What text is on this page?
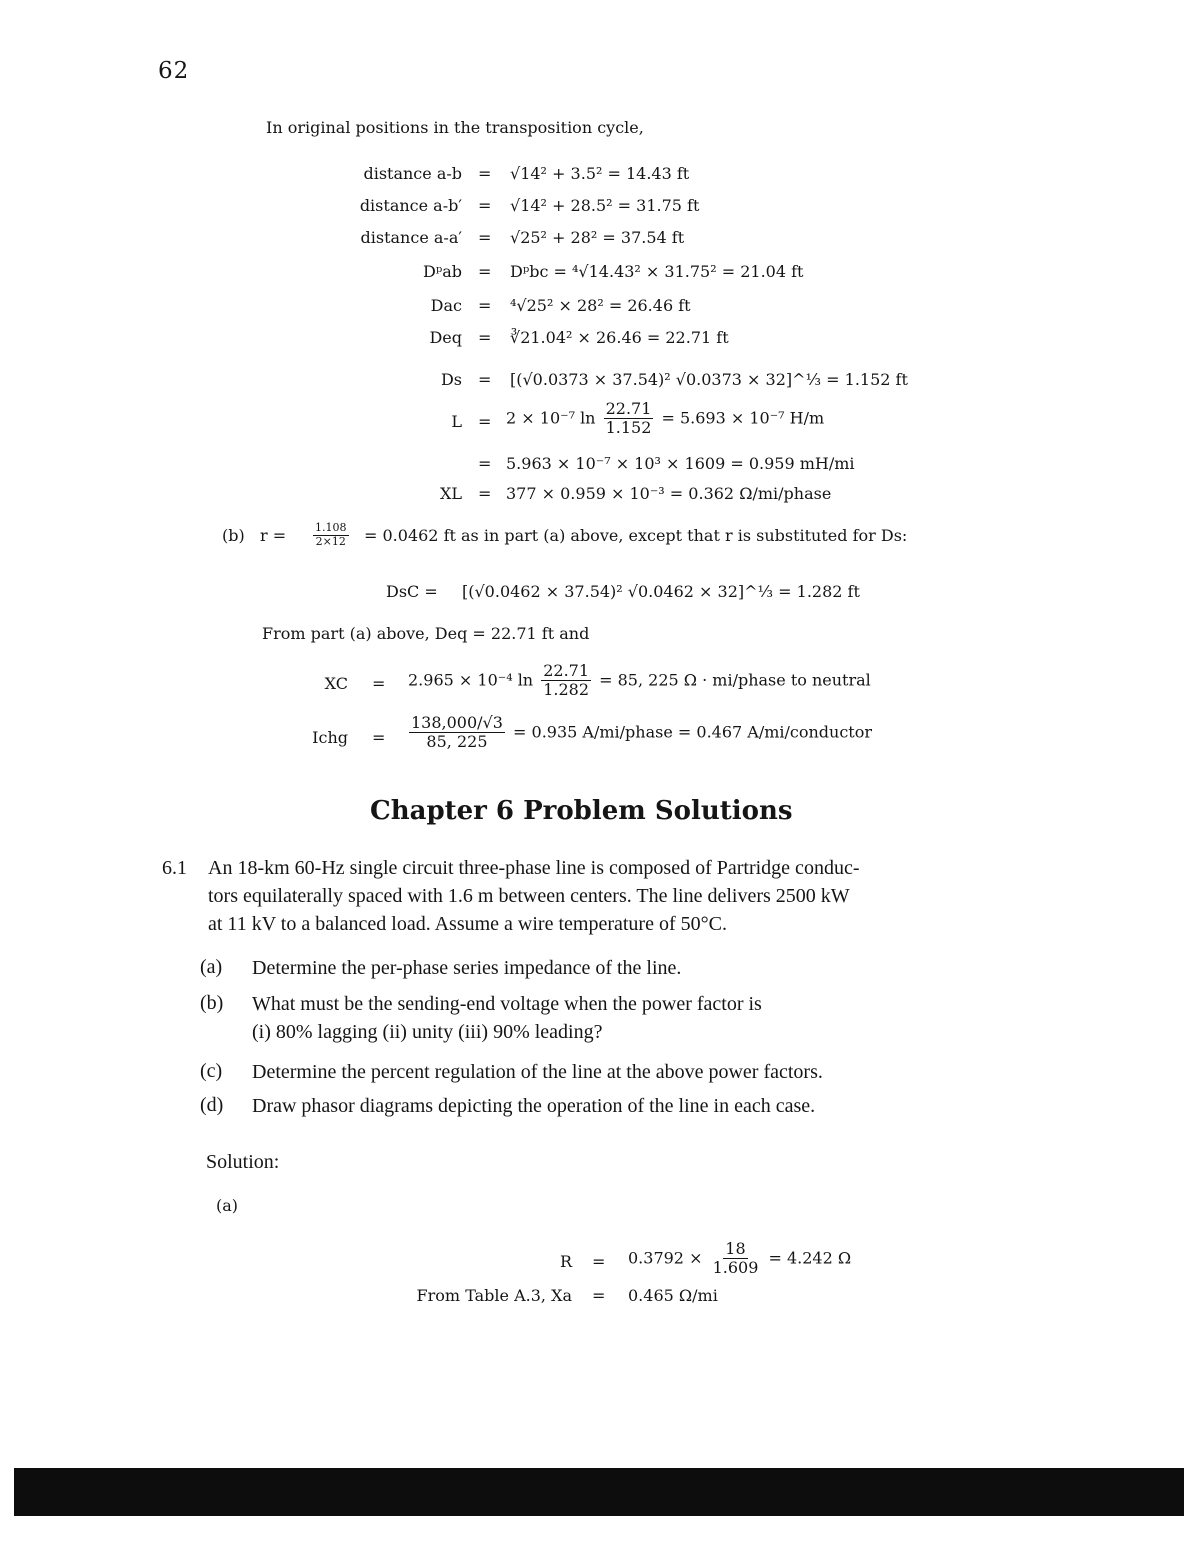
62
In original positions in the transposition cycle,
distance a-b = √14² + 3.5² = 14.43 ft
distance a-b′ = √14² + 28.5² = 31.75 ft
distance a-a′ = √25² + 28² = 37.54 ft
Dᵖab = Dᵖbc = ⁴√14.43² × 31.75² = 21.04 ft
Dac = ⁴√25² × 28² = 26.46 ft
Deq = ∛21.04² × 26.46 = 22.71 ft
Ds = [(√0.0373 × 37.54)² √0.0373 × 32]^⅓ = 1.152 ft
L = 2 × 10⁻⁷ $\ln \frac{22.71}{1.152} = 5.693 \times 10^{-7}$ H/m
= 5.963 × 10⁻⁷ × 10³ × 1609 = 0.959 mH/mi
XL = 377 × 0.959 × 10⁻³ = 0.362 Ω/mi/phase
(b) $r = \frac{1.108}{2\times 12} = 0.0462$ ft as in part (a) above, except that r is substituted for Ds:
DsC = [(√0.0462 × 37.54)² √0.0462 × 32]^⅓ = 1.282 ft
From part (a) above, Deq = 22.71 ft and
XC = 2.965 × 10⁻⁴ $\ln \frac{22.71}{1.282} = 85$, 225 Ω · mi/phase to neutral
Ichg = $\frac{138,000/√3}{85, 225} = 0.935$ A/mi/phase = 0.467 A/mi/conductor
Chapter 6 Problem Solutions
6.1 An 18-km 60-Hz single circuit three-phase line is composed of Partridge conduc-
tors equilaterally spaced with 1.6 m between centers. The line delivers 2500 kW
at 11 kV to a balanced load. Assume a wire temperature of 50°C.
(a) Determine the per-phase series impedance of the line.
(b) What must be the sending-end voltage when the power factor is
(i) 80% lagging (ii) unity (iii) 90% leading?
(c) Determine the percent regulation of the line at the above power factors.
(d) Draw phasor diagrams depicting the operation of the line in each case.
Solution:
(a)
$R = 0.3792 \times \frac{18}{1.609} = 4.242$ Ω
From Table A.3, Xa = 0.465 Ω/mi
